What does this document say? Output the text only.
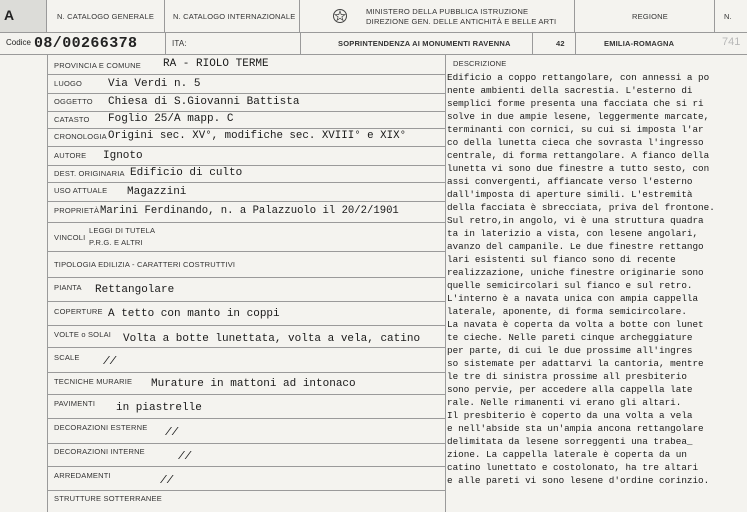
A	N. CATALOGO GENERALE	N. CATALOGO INTERNAZIONALE
MINISTERO DELLA PUBBLICA ISTRUZIONE
DIREZIONE GEN. DELLE ANTICHITÀ E BELLE ARTI
REGIONE	N.
Codice 08/00266378	ITA:	SOPRINTENDENZA AI MONUMENTI RAVENNA	42	EMILIA-ROMAGNA	741
PROVINCIA E COMUNE RA - RIOLO TERME
LUOGO Via Verdi n. 5
OGGETTO Chiesa di S.Giovanni Battista
CATASTO Foglio 25/A mapp. C
CRONOLOGIA Origini sec. XV°, modifiche sec. XVIII° e XIX°
AUTORE Ignoto
DEST. ORIGINARIA Edificio di culto
USO ATTUALE Magazzini
PROPRIETÀ Marini Ferdinando, n. a Palazzuolo il 20/2/1901
VINCOLI
LEGGI DI TUTELA
P.R.G. E ALTRI
TIPOLOGIA EDILIZIA - CARATTERI COSTRUTTIVI
PIANTA Rettangolare
COPERTURE A tetto con manto in coppi
VOLTE o SOLAI Volta a botte lunettata, volta a vela, catino
SCALE //
TECNICHE MURARIE Murature in mattoni ad intonaco
PAVIMENTI in piastrelle
DECORAZIONI ESTERNE //
DECORAZIONI INTERNE	//
ARREDAMENTI	//
STRUTTURE SOTTERRANEE
DESCRIZIONE
Edificio a coppo rettangolare, con annessi a po
nente ambienti della sacrestia. L'esterno di
semplici forme presenta una facciata che si ri
solve in due ampie lesene, leggermente marcate,
terminanti con cornici, su cui si imposta l'ar
co della lunetta cieca che sovrasta l'ingresso
centrale, di forma rettangolare. A fianco della
lunetta vi sono due finestre a tutto sesto, con
assi convergenti, affiancate verso l'esterno
dall'imposta di aperture simili. L'estremità
della facciata è sbrecciata, priva del frontone.
Sul retro,in angolo, vi è una struttura quadra
ta in laterizio a vista, con lesene angolari,
avanzo del campanile. Le due finestre rettango
lari esistenti sul fianco sono di recente
realizzazione, uniche finestre originarie sono
quelle semicircolari sul fianco e sul retro.
L'interno è a navata unica con ampia cappella
laterale, aponente, di forma semicircolare.
La navata è coperta da volta a botte con lunet
te cieche. Nelle pareti cinque archeggiature
per parte, di cui le due prossime all'ingres
so sistemate per adattarvi la cantoria, mentre
le tre di sinistra prossime all presbiterio
sono pervie, per accedere alla cappella late
rale. Nelle rimanenti vi erano gli altari.
Il presbiterio è coperto da una volta a vela
e nell'abside sta un'ampia ancona rettangolare
delimitata da lesene sorreggenti una trabea_
zione. La cappella laterale è coperta da un
catino lunettato e costolonato, ha tre altari
e alle pareti vi sono lesene d'ordine corinzio.
